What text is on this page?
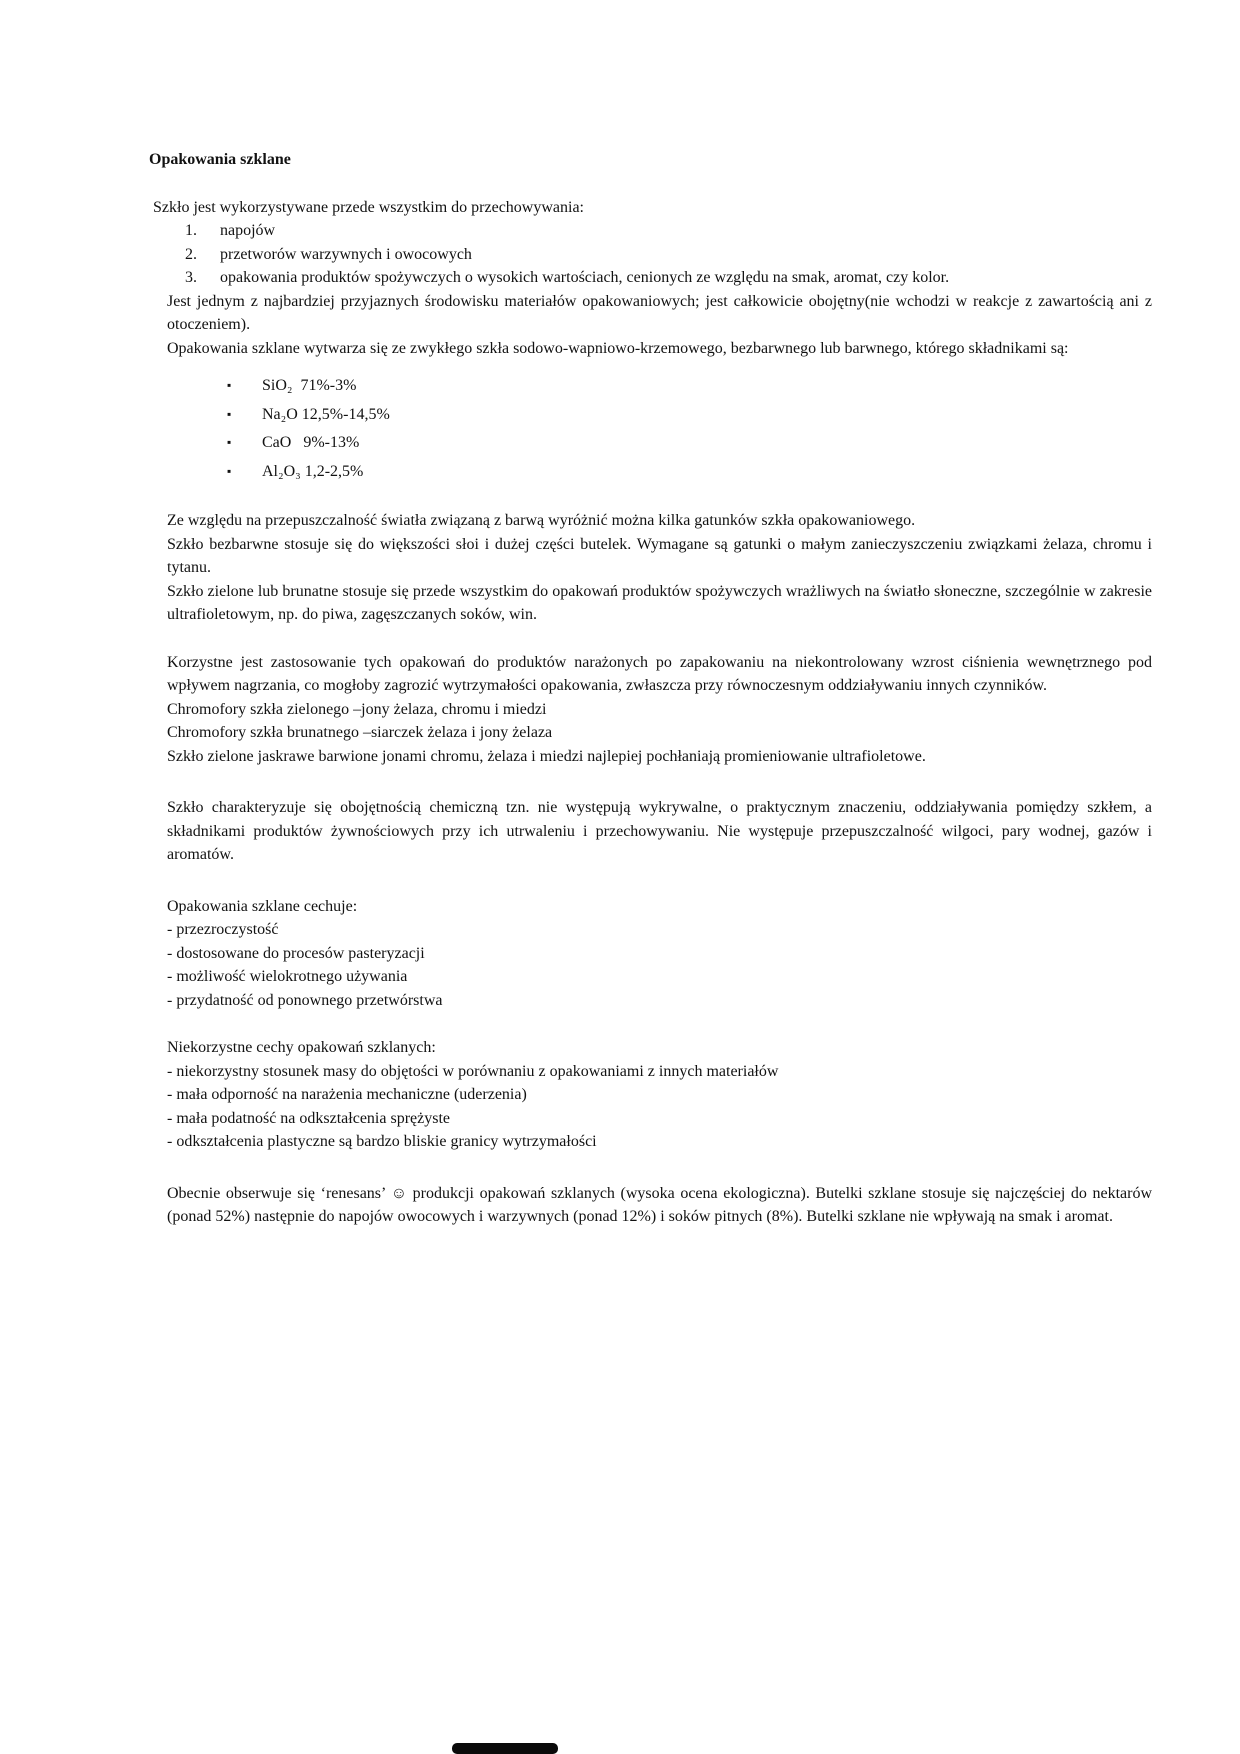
Opakowania szklane

Szkło jest wykorzystywane przede wszystkim do przechowywania:

1.	napojów
2.	przetworów warzywnych i owocowych
3.	opakowania produktów spożywczych o wysokich wartościach, cenionych ze względu na smak, aromat, czy kolor.

Jest jednym z najbardziej przyjaznych środowisku materiałów opakowaniowych; jest całkowicie obojętny(nie wchodzi w reakcje z zawartością ani z otoczeniem).

Opakowania szklane wytwarza się ze zwykłego szkła sodowo-wapniowo-krzemowego, bezbarwnego lub barwnego, którego składnikami są:

▪	SiO₂  71%-3%
▪	Na₂O 12,5%-14,5%
▪	CaO   9%-13%
▪	Al₂O₃ 1,2-2,5%

Ze względu na przepuszczalność światła związaną z barwą wyróżnić można kilka gatunków szkła opakowaniowego.

Szkło bezbarwne stosuje się do większości słoi i dużej części butelek. Wymagane są gatunki o małym zanieczyszczeniu związkami żelaza, chromu i tytanu.

Szkło zielone lub brunatne stosuje się przede wszystkim do opakowań produktów spożywczych wrażliwych na światło słoneczne, szczególnie w zakresie ultrafioletowym, np. do piwa, zagęszczanych soków, win.

Korzystne jest zastosowanie tych opakowań do produktów narażonych po zapakowaniu na niekontrolowany wzrost ciśnienia wewnętrznego pod wpływem nagrzania, co mogłoby zagrozić wytrzymałości opakowania, zwłaszcza przy równoczesnym oddziaływaniu innych czynników.

Chromofory szkła zielonego –jony żelaza, chromu i miedzi

Chromofory szkła brunatnego –siarczek żelaza i jony żelaza

Szkło zielone jaskrawe barwione jonami chromu, żelaza i miedzi najlepiej pochłaniają promieniowanie ultrafioletowe.

Szkło charakteryzuje się obojętnością chemiczną tzn. nie występują wykrywalne, o praktycznym znaczeniu, oddziaływania pomiędzy szkłem, a składnikami produktów żywnościowych przy ich utrwaleniu i przechowywaniu. Nie występuje przepuszczalność wilgoci, pary wodnej, gazów i aromatów.

Opakowania szklane cechuje:

- przezroczystość

- dostosowane do procesów pasteryzacji

- możliwość wielokrotnego używania

- przydatność od ponownego przetwórstwa

Niekorzystne cechy opakowań szklanych:

- niekorzystny stosunek masy do objętości w porównaniu z opakowaniami z innych materiałów

- mała odporność na narażenia mechaniczne (uderzenia)

- mała podatność na odkształcenia sprężyste

- odkształcenia plastyczne są bardzo bliskie granicy wytrzymałości

Obecnie obserwuje się ‘renesans’ ☺ produkcji opakowań szklanych (wysoka ocena ekologiczna). Butelki szklane stosuje się najczęściej do nektarów (ponad 52%) następnie do napojów owocowych i warzywnych (ponad 12%) i soków pitnych (8%). Butelki szklane nie wpływają na smak i aromat.
